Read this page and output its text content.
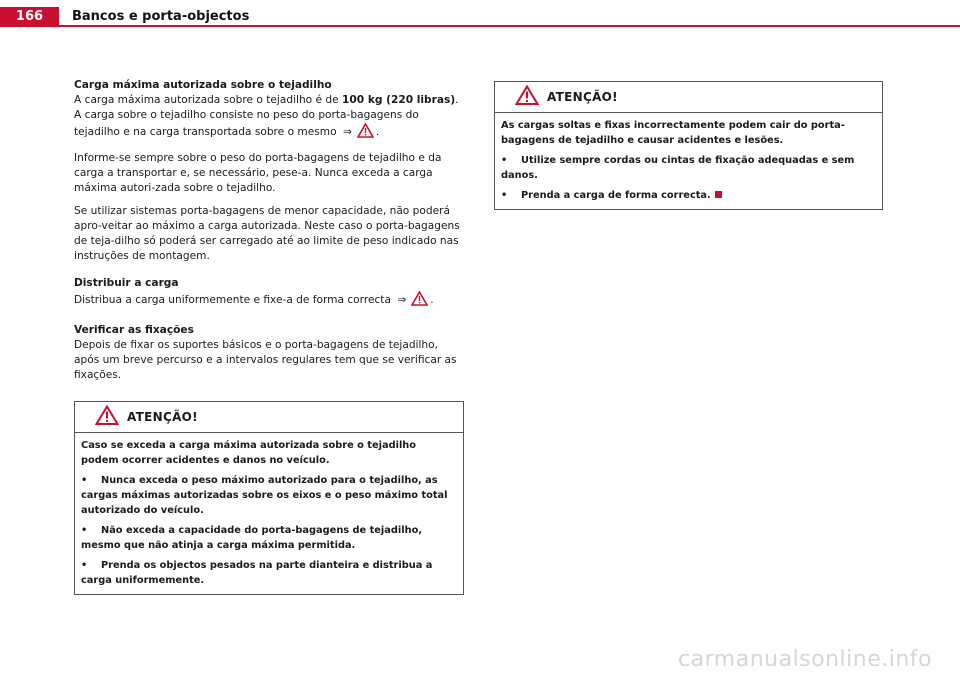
166	Bancos e porta-objectos

Carga máxima autorizada sobre o tejadilho

A carga máxima autorizada sobre o tejadilho é de 100 kg (220 libras). A carga sobre o tejadilho consiste no peso do porta-bagagens do tejadilho e na carga transportada sobre o mesmo ⇒ .

Informe-se sempre sobre o peso do porta-bagagens de tejadilho e da carga a transportar e, se necessário, pese-a. Nunca exceda a carga máxima autori-zada sobre o tejadilho.

Se utilizar sistemas porta-bagagens de menor capacidade, não poderá apro-veitar ao máximo a carga autorizada. Neste caso o porta-bagagens de teja-dilho só poderá ser carregado até ao limite de peso indicado nas instruções de montagem.

Distribuir a carga

Distribua a carga uniformemente e fixe-a de forma correcta ⇒ .

Verificar as fixações

Depois de fixar os suportes básicos e o porta-bagagens de tejadilho, após um breve percurso e a intervalos regulares tem que se verificar as fixações.

ATENÇÃO!

Caso se exceda a carga máxima autorizada sobre o tejadilho podem ocorrer acidentes e danos no veículo.

• Nunca exceda o peso máximo autorizado para o tejadilho, as cargas máximas autorizadas sobre os eixos e o peso máximo total autorizado do veículo.

• Não exceda a capacidade do porta-bagagens de tejadilho, mesmo que não atinja a carga máxima permitida.

• Prenda os objectos pesados na parte dianteira e distribua a carga uniformemente.

ATENÇÃO!

As cargas soltas e fixas incorrectamente podem cair do porta-bagagens de tejadilho e causar acidentes e lesões.

• Utilize sempre cordas ou cintas de fixação adequadas e sem danos.

• Prenda a carga de forma correcta.

carmanualsonline.info
